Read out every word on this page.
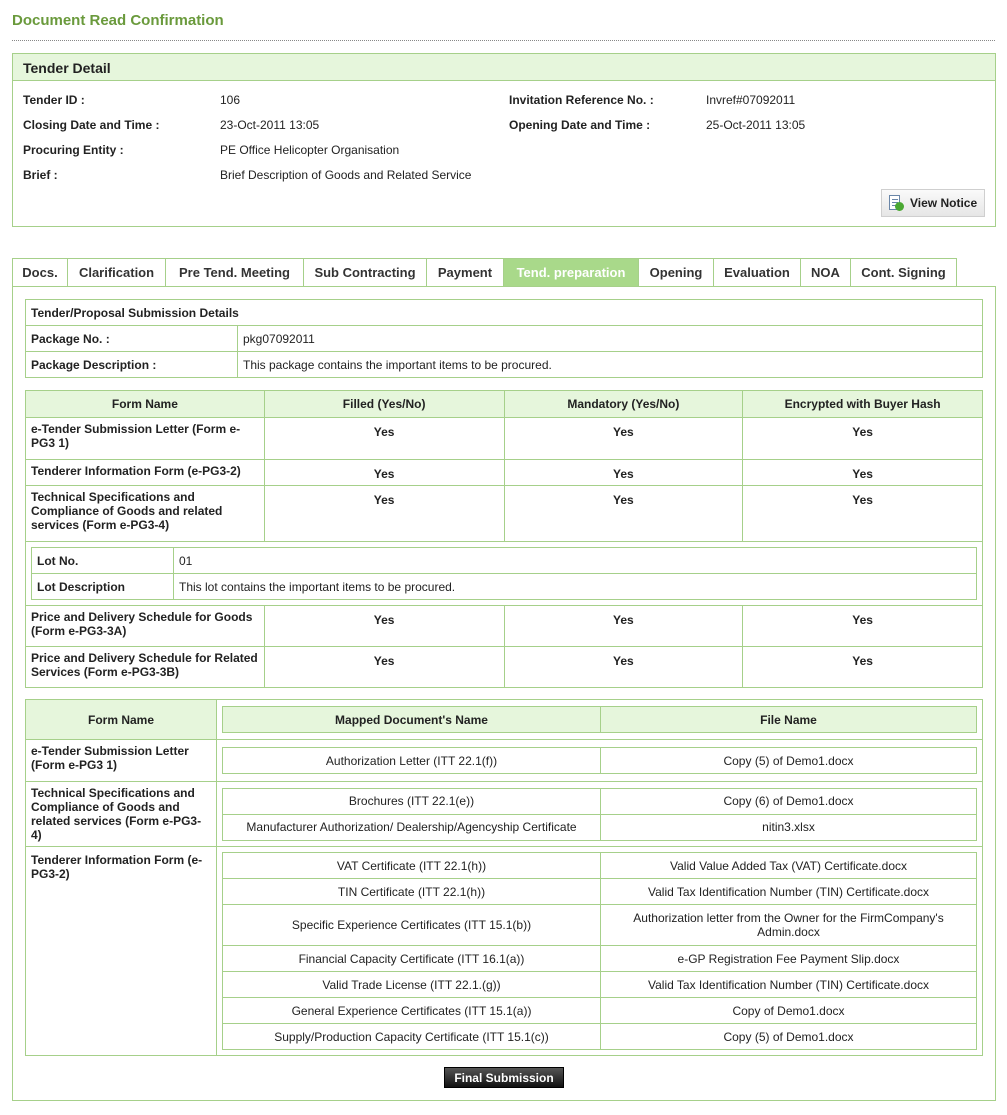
Document Read Confirmation
Tender Detail
Tender ID :	106	Invitation Reference No. :	Invref#07092011
Closing Date and Time :	23-Oct-2011 13:05	Opening Date and Time :	25-Oct-2011 13:05
Procuring Entity :	PE Office Helicopter Organisation
Brief :	Brief Description of Goods and Related Service
View Notice
Docs.	Clarification	Pre Tend. Meeting	Sub Contracting	Payment	Tend. preparation	Opening	Evaluation	NOA	Cont. Signing
Tender/Proposal Submission Details	
Package No. :	pkg07092011
Package Description :	This package contains the important items to be procured.
Form Name	Filled (Yes/No)	Mandatory (Yes/No)	Encrypted with Buyer Hash
e-Tender Submission Letter (Form e-PG3 1)	Yes	Yes	Yes
Tenderer Information Form (e-PG3-2)	Yes	Yes	Yes
Technical Specifications and Compliance of Goods and related services (Form e-PG3-4)	Yes	Yes	Yes

Lot No.	01
Lot Description	This lot contains the important items to be procured.

Price and Delivery Schedule for Goods (Form e-PG3-3A)	Yes	Yes	Yes
Price and Delivery Schedule for Related Services (Form e-PG3-3B)	Yes	Yes	Yes
Form Name		Mapped Document's Name	File Name

e-Tender Submission Letter (Form e-PG3 1)		Authorization Letter (ITT 22.1(f))	Copy (5) of Demo1.docx

Technical Specifications and Compliance of Goods and related services (Form e-PG3-4)	
Brochures (ITT 22.1(e))	Copy (6) of Demo1.docx
Manufacturer Authorization/ Dealership/Agencyship Certificate	nitin3.xlsx

Tenderer Information Form (e-PG3-2)	
VAT Certificate (ITT 22.1(h))	Valid Value Added Tax (VAT) Certificate.docx
TIN Certificate (ITT 22.1(h))	Valid Tax Identification Number (TIN) Certificate.docx
Specific Experience Certificates (ITT 15.1(b))	Authorization letter from the Owner for the FirmCompany's Admin.docx
Financial Capacity Certificate (ITT 16.1(a))	e-GP Registration Fee Payment Slip.docx
Valid Trade License (ITT 22.1.(g))	Valid Tax Identification Number (TIN) Certificate.docx
General Experience Certificates (ITT 15.1(a))	Copy of Demo1.docx
Supply/Production Capacity Certificate (ITT 15.1(c))	Copy (5) of Demo1.docx
Final Submission
